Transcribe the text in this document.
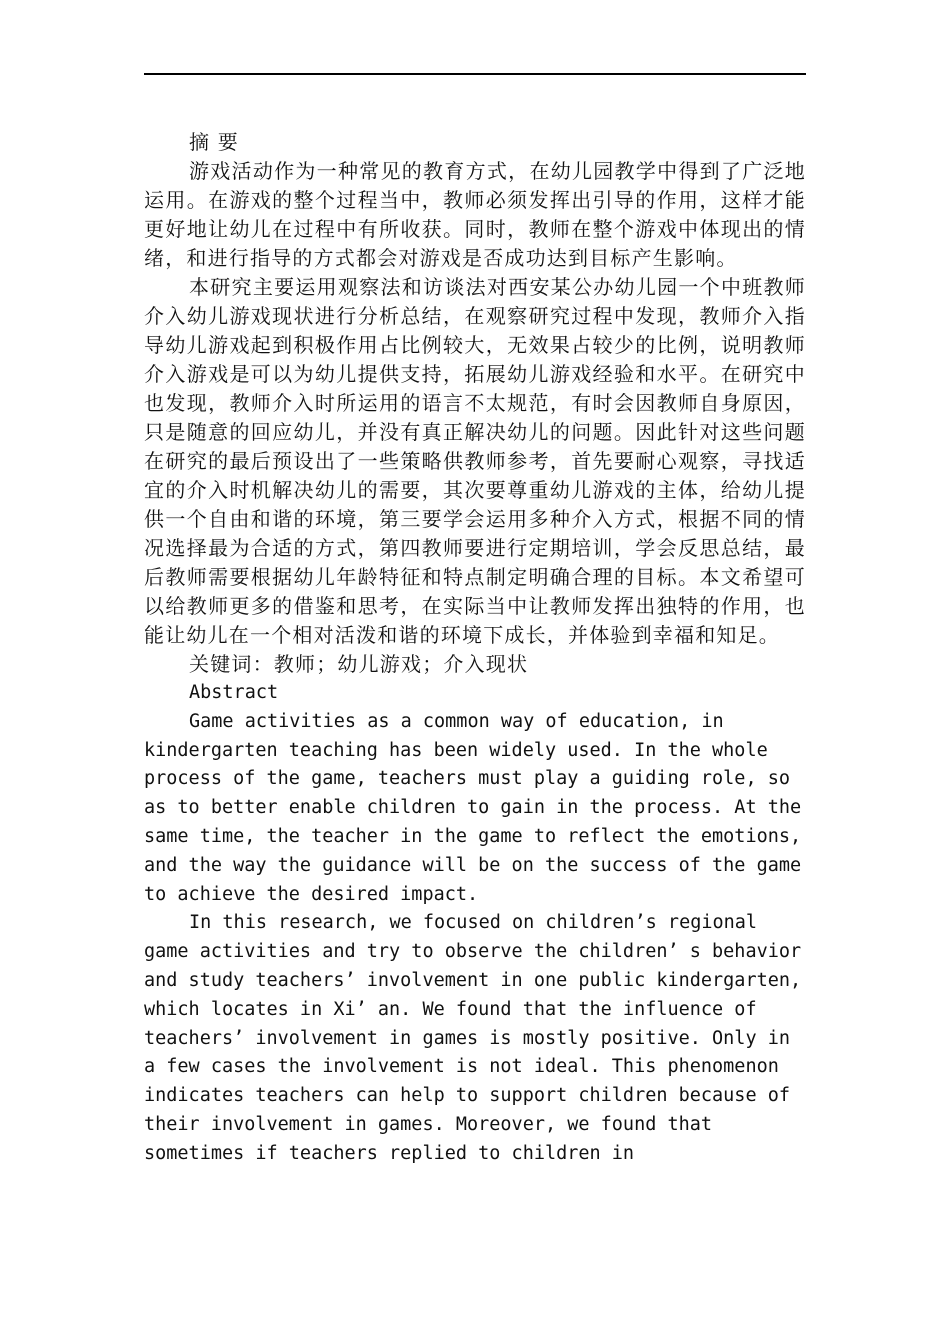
摘 要

游戏活动作为一种常见的教育方式，在幼儿园教学中得到了广泛地运用。在游戏的整个过程当中，教师必须发挥出引导的作用，这样才能更好地让幼儿在过程中有所收获。同时，教师在整个游戏中体现出的情绪，和进行指导的方式都会对游戏是否成功达到目标产生影响。

本研究主要运用观察法和访谈法对西安某公办幼儿园一个中班教师介入幼儿游戏现状进行分析总结，在观察研究过程中发现，教师介入指导幼儿游戏起到积极作用占比例较大，无效果占较少的比例，说明教师介入游戏是可以为幼儿提供支持，拓展幼儿游戏经验和水平。在研究中也发现，教师介入时所运用的语言不太规范，有时会因教师自身原因，只是随意的回应幼儿，并没有真正解决幼儿的问题。因此针对这些问题在研究的最后预设出了一些策略供教师参考，首先要耐心观察，寻找适宜的介入时机解决幼儿的需要，其次要尊重幼儿游戏的主体，给幼儿提供一个自由和谐的环境，第三要学会运用多种介入方式，根据不同的情况选择最为合适的方式，第四教师要进行定期培训，学会反思总结，最后教师需要根据幼儿年龄特征和特点制定明确合理的目标。本文希望可以给教师更多的借鉴和思考，在实际当中让教师发挥出独特的作用，也能让幼儿在一个相对活泼和谐的环境下成长，并体验到幸福和知足。

关键词：教师；幼儿游戏；介入现状

Abstract

Game activities as a common way of education, in kindergarten teaching has been widely used. In the whole process of the game, teachers must play a guiding role, so as to better enable children to gain in the process. At the same time, the teacher in the game to reflect the emotions, and the way the guidance will be on the success of the game to achieve the desired impact.

In this research, we focused on children’s regional game activities and try to observe the children’ s behavior and study teachers’ involvement in one public kindergarten, which locates in Xi’ an. We found that the influence of teachers’ involvement in games is mostly positive. Only in a few cases the involvement is not ideal. This phenomenon indicates teachers can help to support children because of their involvement in games. Moreover, we found that sometimes if teachers replied to children in
